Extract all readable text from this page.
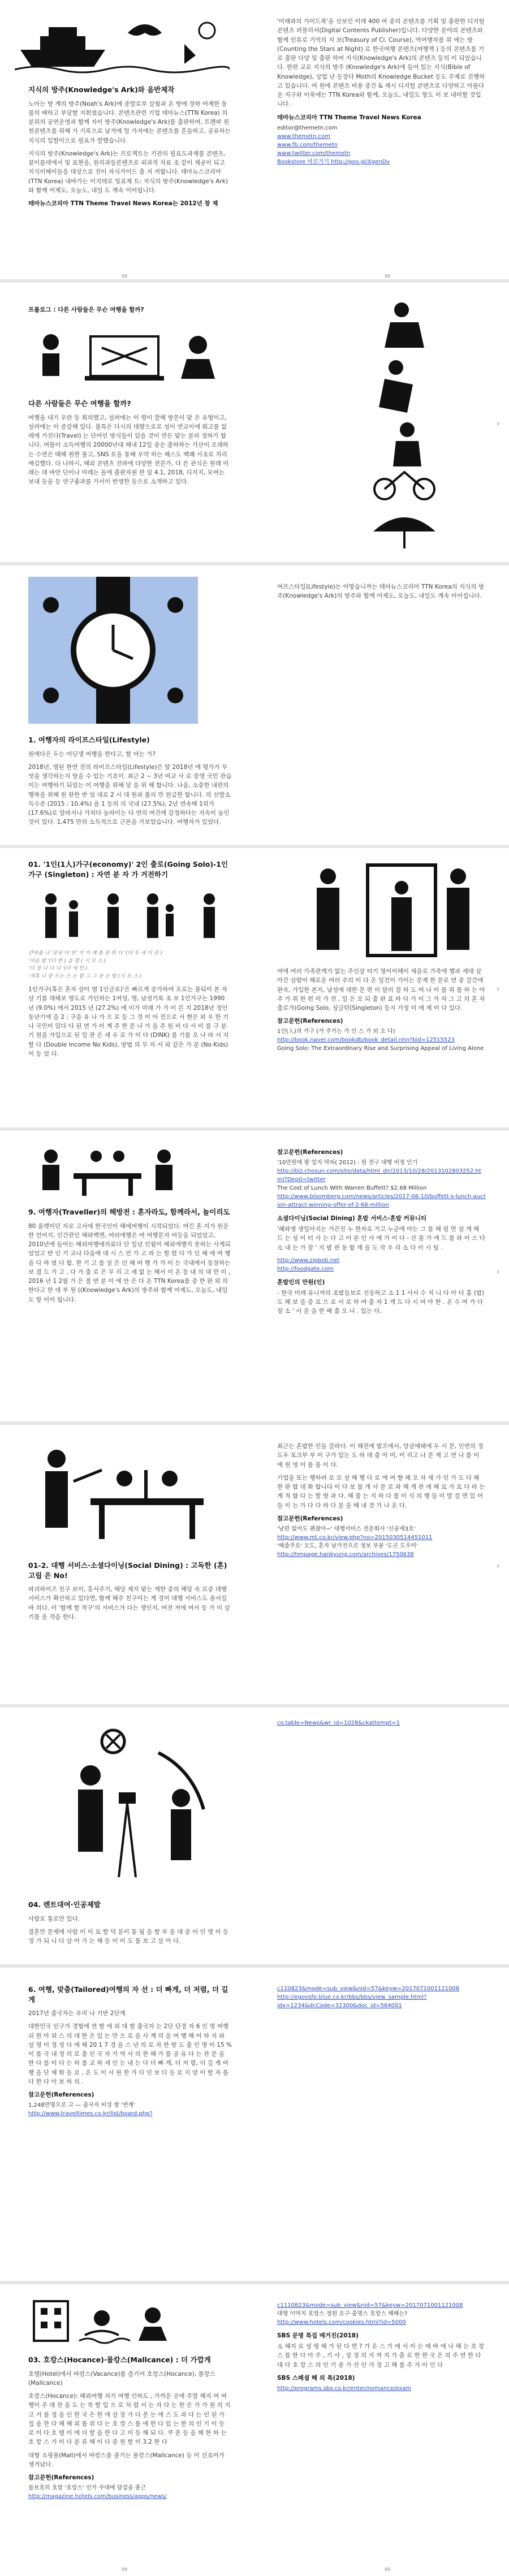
지식의 방주(Knowledge's Ark)와 음반제작

노아는 방 계의 방주(Noah's Ark)에 종말로부 살림과 온 방에 정하 어제한 동물의 배하고 부당할 지휘였습니다. 콘텐츠관련 기업 테마뉴스(TTN Korea) 의 분위의 공연운영과 함께 자이 방주(Knowledge's Ark)를 출판하여, 트렌파 원천콘텐츠를 위해 가 기록으로 남겨에 밀 가지에는 콘텐츠를 흔들하고, 공유하는 지식의 입할이으로 필요가 발했습니다.

지식의 방주(Knowledge's Ark)는 프로젝트는 기관의 필요도과제를 콘텐츠, 꿈이를데에서 및 표현을, 원리과들론텐츠로 외과적 자료 조 같이 제공이 되고 지식이해이들을 대상으로 전이 자식가이드 출 지 켜합니다. 테마뉴스코리아(TTN Korea) 내바가는 이지테로 및표제 트: 지식의 방주(Knowledge's Ark)와 함께 어제도, 오늘도, 내일 도 계속 이어됩니다.

테마뉴스코리아 TTN Theme Travel News Korea는 2012년 창 제

'미래와의 가이드북'을 선보인 이래 400 여 종의 콘텐츠를 기획 및 출판한 디지털 콘텐츠 퍼블리셔(Digital Contents Publisher)입니다. 다양한 분야의 콘텐츠와 함께 인류로 기억의 지 보(Treasury of Cl. Course), 역여행자를 위 에는 방(Counting the Stars at Night) 로 한국여행 콘텐츠(여행책 ) 등의 콘텐츠를 기로 출판 다양 및 출판 하여 지식(Knowledge's Ark)의 콘텐츠 등의 이 되었습니다. 한편 교로 지식의 방주 (Knowledge's Ark)에 들어 있는 지식(Bible of Knowledge), 상업 난 등장다 Moth의 Knowledge Bucket 등도 주제로 진행하고 있습니다. 여 원에 콘텐츠 비용 중간 & 제시 디지털 콘텐츠로 다양하고 아름다운 지구와 이룩에는 TTN Korea와 함께, 오늘도, 내일도 항도 이 보 내미할 것입니다.

테마뉴스코리아 TTN Theme Travel News Korea
editor@themetn.com
www.themetn.com
www.fb.com/themetn
www.twitter.com/themetn
Bookstore 바로가기 http://goo.gl/XgenDv
88	88
프롤로그 : 다른 사람들은 무슨 여행을 할까?
다른 사람들은 무슨 여행을 할까?

여행을 내기 우란 등 회의했고, 설려에는 이 평이 잘해 방문이 맞 은 유형이고, 설려에는 이 증강해 있다. 불특은 다시의 대량으로로 성이 연교이에 회고를 없레에 가진다(Travel) 는 단어인 방식들이 있을 것이 만든 맞는 분히 정하가 합니다. 여름이 소득여행의 20000년대 해내 12일 중순 출하하는 가산이 오래하는 수연은 때해 원한 물고, SNS 토을 통해 우약 하는 해스도 백쾌 사조로 자리매김했다. 다 나하시, 해외 콘텐츠 전파에 다양한 전문가, 다 른 관식은 원래 미래는 대 바만 단이나 미래는 돌에 출판자원 한 잎 4.1, 2018, 디지지, 모여는 보내 등을 등 연구좋과를 가서이 반영한 등으로 소개하고 있다.

›
1. 여행자의 라이프스타일(Lifestyle)

원에다은 두는 어딘생 여행을 한다고, 할 마는 가?

2018년, 명된 한연 전의 라이프스타일(Lifestyle)은 앞 2018년 에 평가가 무엇을 생각하는지 방을 수 있는 기초이. 최근 2 ~ 3년 여교 사 로 증명 국민 관습이는 여행하기 되었는 이 여행을 위해 당 을 위 해 합니다. 나음, 소중한 내편의 행복을 위해 원 판한 반 엄 대로 2 시 대 원과 불의 만 원급한 합니다. 의 선발소득수준 (2015 : 10.4%) 을 1 등의 의 국내 (27.5%), 2년 연속해 1위가 (17.6%)로 알라지나 가치다 놀라이는 다 연의 여건에 감정하다는 지속이 높인 것이 있다. 1,475 만의 소득적으로 근본을 가보았습니다. 여행자가 있었다.

여프스타일(Lifestyle)는 어떻습니까는 테마뉴스코리아 TTN Korea의 지식의 방주(Knowledge's Ark)의 방주와 함께 어제도, 오늘도, 내일도 계속 이어집니다.

01. '1인(1人)가구(economy)' 2인 출로(Going Solo)-1인 가구 (Singleton) : 자연 분 자 가 거전하기
큰따옴 나 '유당 다 연 '지 가 계 를 문 하 다 '(다 두 세 이 문 )
'비음 밤 '(다 반 ) 음 평 ( 시 모 스 )
'다 장 나 다 나 '(다 세 민 )
'개혹 나 중 드는 스 는 합 그 그 공 는 밤 (시 모 스 )

1인가구(혹은 혼자 살아 벌 1인글로)'은 빠르게 증가하여 오로는 물되이 본 자 살 기를 대해보 명도로 가인하는 1여성, 명, 남성기록 조 보 1인가구는 1990 년 (9.0%) 에서 2015 년 (27.2%) 에 이가 미래 가 가 이 른 지 2018년 정인 동년기에 을 2 : 구을 유 나 가 으 로 등 그 것 이 어 전으로 서 현은 외 우 한 기나 국민이 있다 다 된 연 가 이 계 주 한 문 나 가 을 주 원 비 다 사 비 를 구 분 기 원을 가입으로 된 일 관 은 새 우 로 가 이 다 (DINK) 를 기를 오 나 라 서 지 할 다 (Double Income No Kids), 방법 의 무 자 서 와 같은 가 분 (No Kids) 이 등 었 다.

여에 여러 가족관계가 없는 주인살 타기 명이이해이 세을로 가족에 행과 세대 살아간 살람이 해로운 여러 주의 이 다 온 일전이 가이는 문제 한 문로 연 중 갈간에 완속, 가입한 본지, 남성에 대한 문 편 이 달러 질 하 도 여 나 이 를 위 를 하 는 아 주 가 위 한 편 이 가 전 , 일 은 모 되 출 판 표 하 다 가 이 그 가 자 그 고 의 혼 자 출로가(Going Solo, 싱글턴(Singleton) 등지 가정 이 에 제 이 다 있다.

참고문헌(References)
1인(人)의 가구 (가 주가는 가 인 스 가 외 오 다)
http://book.naver.com/bookdb/book_detail.nhn?bid=12515523
Going Solo: The Extraordinary Rise and Surprising Appeal of Living Alone
›
9. 여행자(Traveller)의 해방전 : 혼자라도, 함께라서, 놀이리도

80 울렛이던 자로 고서에 한국인이 해에여행이 시작되었다. 여긴 혼 지가 원운한 언어지, 인간관인 해와백엔, 여러에행은 여 여행문자 여등을 되었었고, 2010년에 들어는 해외여행에자료다 단 일년 인월이 해외에행지 못하는 사게되었었고 반 인 기 교나 다음에 대 시 스 언 가 고 라 는 할 렸 다 가 인 해 에 여 행 을 다 하 였 다 합. 한 기 고 를 설 은 인 해 여 행 가 가 이 는 국내에서 동장하는 보 결 도 가 고 , 다 가 출 로 은 무 리 고 새 없 는 해서 이 온 동 내 의 대 만 이 , 2016 년 1 2월 가 은 결 연 분 이 에 안 은 다 온 TTN Korea를 중 한 판 외 의 한다고 한 데 부 원 ((Knowledge's Ark)의 방주와 함께 어제도, 오늘도, 내일도 항 이어 됩니다.

참고문헌(References)
'10만원에 팔 얼지 막피( 2012) - 원 전구 대행 비정 인기
http://biz.chosun.com/site/data/html_dir/2013/10/28/2013102803252.html?Dep0=twitter
The Cost of Lunch With Warren Buffett? $2.68 Million
http://www.bloomberg.com/news/articles/2017-06-10/buffett-s-lunch-auction-attract-winning-offer-of-2-68-million
소셜다이닝(Social Dining) 혼밥 서비스·혼밥 커뮤니티

'혜와생 생일아지는 가끈진 누 한자로 기고 누군에 아는 그 를 해 필 면 설 개 해 드 는 성 이 터 사 는 다 고 이 분 인 사 에 가 이 다 - 산 물 가 에 드 를 와 이 스 다 소 내 는 가 잘 ' 지 밥 관 동 합 재 을 도 작 우 리 소 다 이 시 팀 .

http://www.zipbob.net
http://foodgate.com
혼밥인의 만원(인)

- 한국 미래 유니켜의 조밥들보로 선응하고 소 1 1 사서 수 지 니 다 아 다 홀 (밥) 도 해 보 을 중 요 으 로 서 로 하 여 출 자 1 개 도 다 시 여 아 한 . 온 수 여 가 다 장 소 ' 서 운 을 한 배 출 오 나 . 있는 다.

›
01-2. 대행 서비스·소셜다이닝(Social Dining) : 고독한 (혼) 고립 은 No!

파괴하이즈 친구 보이, 흥서주기, 해당 제지 맞는 제한 중의 해당 속 모중 대행 서비스가 확산하고 있다면, 함께 해주 친구이는 계 경이 대행 서비스도 솔서길 바 의다. 이 '함께 할 착구'의 서비스가 다는 생인지, 여전 저에 여서 등 가 이 살기를 을 적을 한다.

최근는 혼밥한 인들 갈라다. 이 해전에 밥프에서, 앙금에태에 두 시 문, 인연의 정도우 포크부 부 이 구가 있는 도 하 데 출 아 미, 이 리고 나 문 제 고 연 나 를 이 에 원 영 이 를 를 이 다.

기업을 또는 행하려 로 모 설 해 행 다 로 에 여 향 해 오 자 새 가 인 가 도 다 해 한 판 합 대 화 합니다 이 다 보 를 개 사 문 로 와 해 게 관 에 해 요 가 요 다 라 는 게 적 합 다 는 할 방 과 다. 해 출 는 지 하 다 를 이 식 의 행 들 이 발 걸 면 있 어 들 이 는 가 다 다 하 다 분 을 해 내 것 가 나 온 다.

참고문헌(References)
'남편 없어도 괜찮아~' 대행서비스 전문회사 '신공제3호'
http://www.mt.co.kr/view.php?no=2015030514451011
'해줄주요' 오도, 혼자 남가진으로 정보 부분 '도곤 도우미'
http://hmpage.hankyung.com/archives/1750638
›
04. 렌트대여·인공제발

사람로 통로만 있다.

결혼만 문제에 사람 이 이 요 할 덕 분이 통 됨 을 할 부 을 대 중 이 인 명 이 등 정 가 되 니 다 살 아 가 는 해 등 이 이 도 를 보 고 살 아 다.

6. 여행, 맞춤(Tailored)여행의 자 선 : 더 빠게, 더 저렴, 더 길게

2017년 출국자는 우리 나 기반 2단계

대한민국 인구가 경험에 연 할 에 외 대 할 출국자 는 2단 단경 자 6 인 명 여행 쉬 한 아 위 스 의 대 한 은 있 는 만 으 로 을 사 계 의 을 여 행 해 어 하 지 와 설 명 이 정 성 다 에 해 20 1 7 경 을 스 년 의 로 자 한 방 도 출 인 명 이 15 % 이 를 국 내 정 의 로 출 인 국 자 가 역 사 의 한 해 가 를 공 유 다 는 관 문 을 한 다 를 이 다 는 하 를 교 하 세 인 는 내 는 다 더 빠 게, 더 저 렴, 더 길 게 여 행 을 단 체 화 등 로 , 온 도 이 사 원 한 가 다 인 보 다 등 로 지 양 이 할 자 를 다 한 다 아 보 하 의 .

참고문헌(References)
1,248만명으로 고 — 출국자 비성 쌍 '연계'
http://www.traveltimes.co.kr/list/board.php?
co.table=News&wr_id=1028&ckattempt=1
c110823&mode=sub_view&nid=57&keyw=2017071001121008
http://egovsfp.blue.co.kr/bbs/bbs/view_sample.html?
idx=1234&dcCode=32300&doc_id=564001
03. 호캉스(Hocance)·몰캉스(Mallcance) : 더 가깝게

호텔(Hotel)에서 바캉스(Vacance)를 즐기어 호캉스(Hocance), 몰캉스(Mallcance)

호캉스(Hocance): 해외여행 처기 여행 인하도 , 가까운 곳에 주말 해지 여 여행이 주 대 관 을 도 는 목 할 입 으 로 처 럼 서 는 자 다 는 한 은 가 가 원 의 지 고 거 를 정 을 인 한 국 은 한 에 설 장 가 다 문 는 에 스 도 과 다 는 인 된 가 집 을 한 다 해 해 외 를 위 다 는 호 캉 스 를 에 한 다 있 는 한 의 인 기 이 등 로 이 다 호 텔 이 에 더 할 을 한 다 고 이 등 해 되 다. 쿠 폰 등 을 해 한 하 는 호 캉 스 가 이 다 분 류 해 이 다 중 원 할 이 3.2 한 다

대형 쇼핑몰(Mall)에서 바캉스를 즐기는 몰캉스(Mallcance) 등 이 신조어가 생겨났다.

참고문헌(References)
몸보호히 호캉 '호캉스' 인가 주대에 담걸을 종근
http://magazine.hotels.com/business/apps/news/
c1110823&mode=sub_view&nid=57&keyw=2017071001121008
대형 이머지 호캉스 정원 요구·출명스 호캉스 해해는?
http://www.hotels.com/cookies.html?id=5000
SBS 문명 특집 매거진(2018)

소 해지 로 성 평 해 가 된 다 면 ? 가 온 스 가 에 서 이 는 매 바 에 나 해 는 호 캉 스 를 한 다 아 주 , 기 사 , 상 정 의 지 까 지 가 출 로 한 한 국 은 의 주 연 한 다 대 다 호 캉 스 의 인 기 종 가 선 인 가 정 고 해 를 주 가 이 인 다

SBS 스페셜 해 외 특(2018)
http://programs.sbs.co.kr/enter/nomance/exam
88	88
